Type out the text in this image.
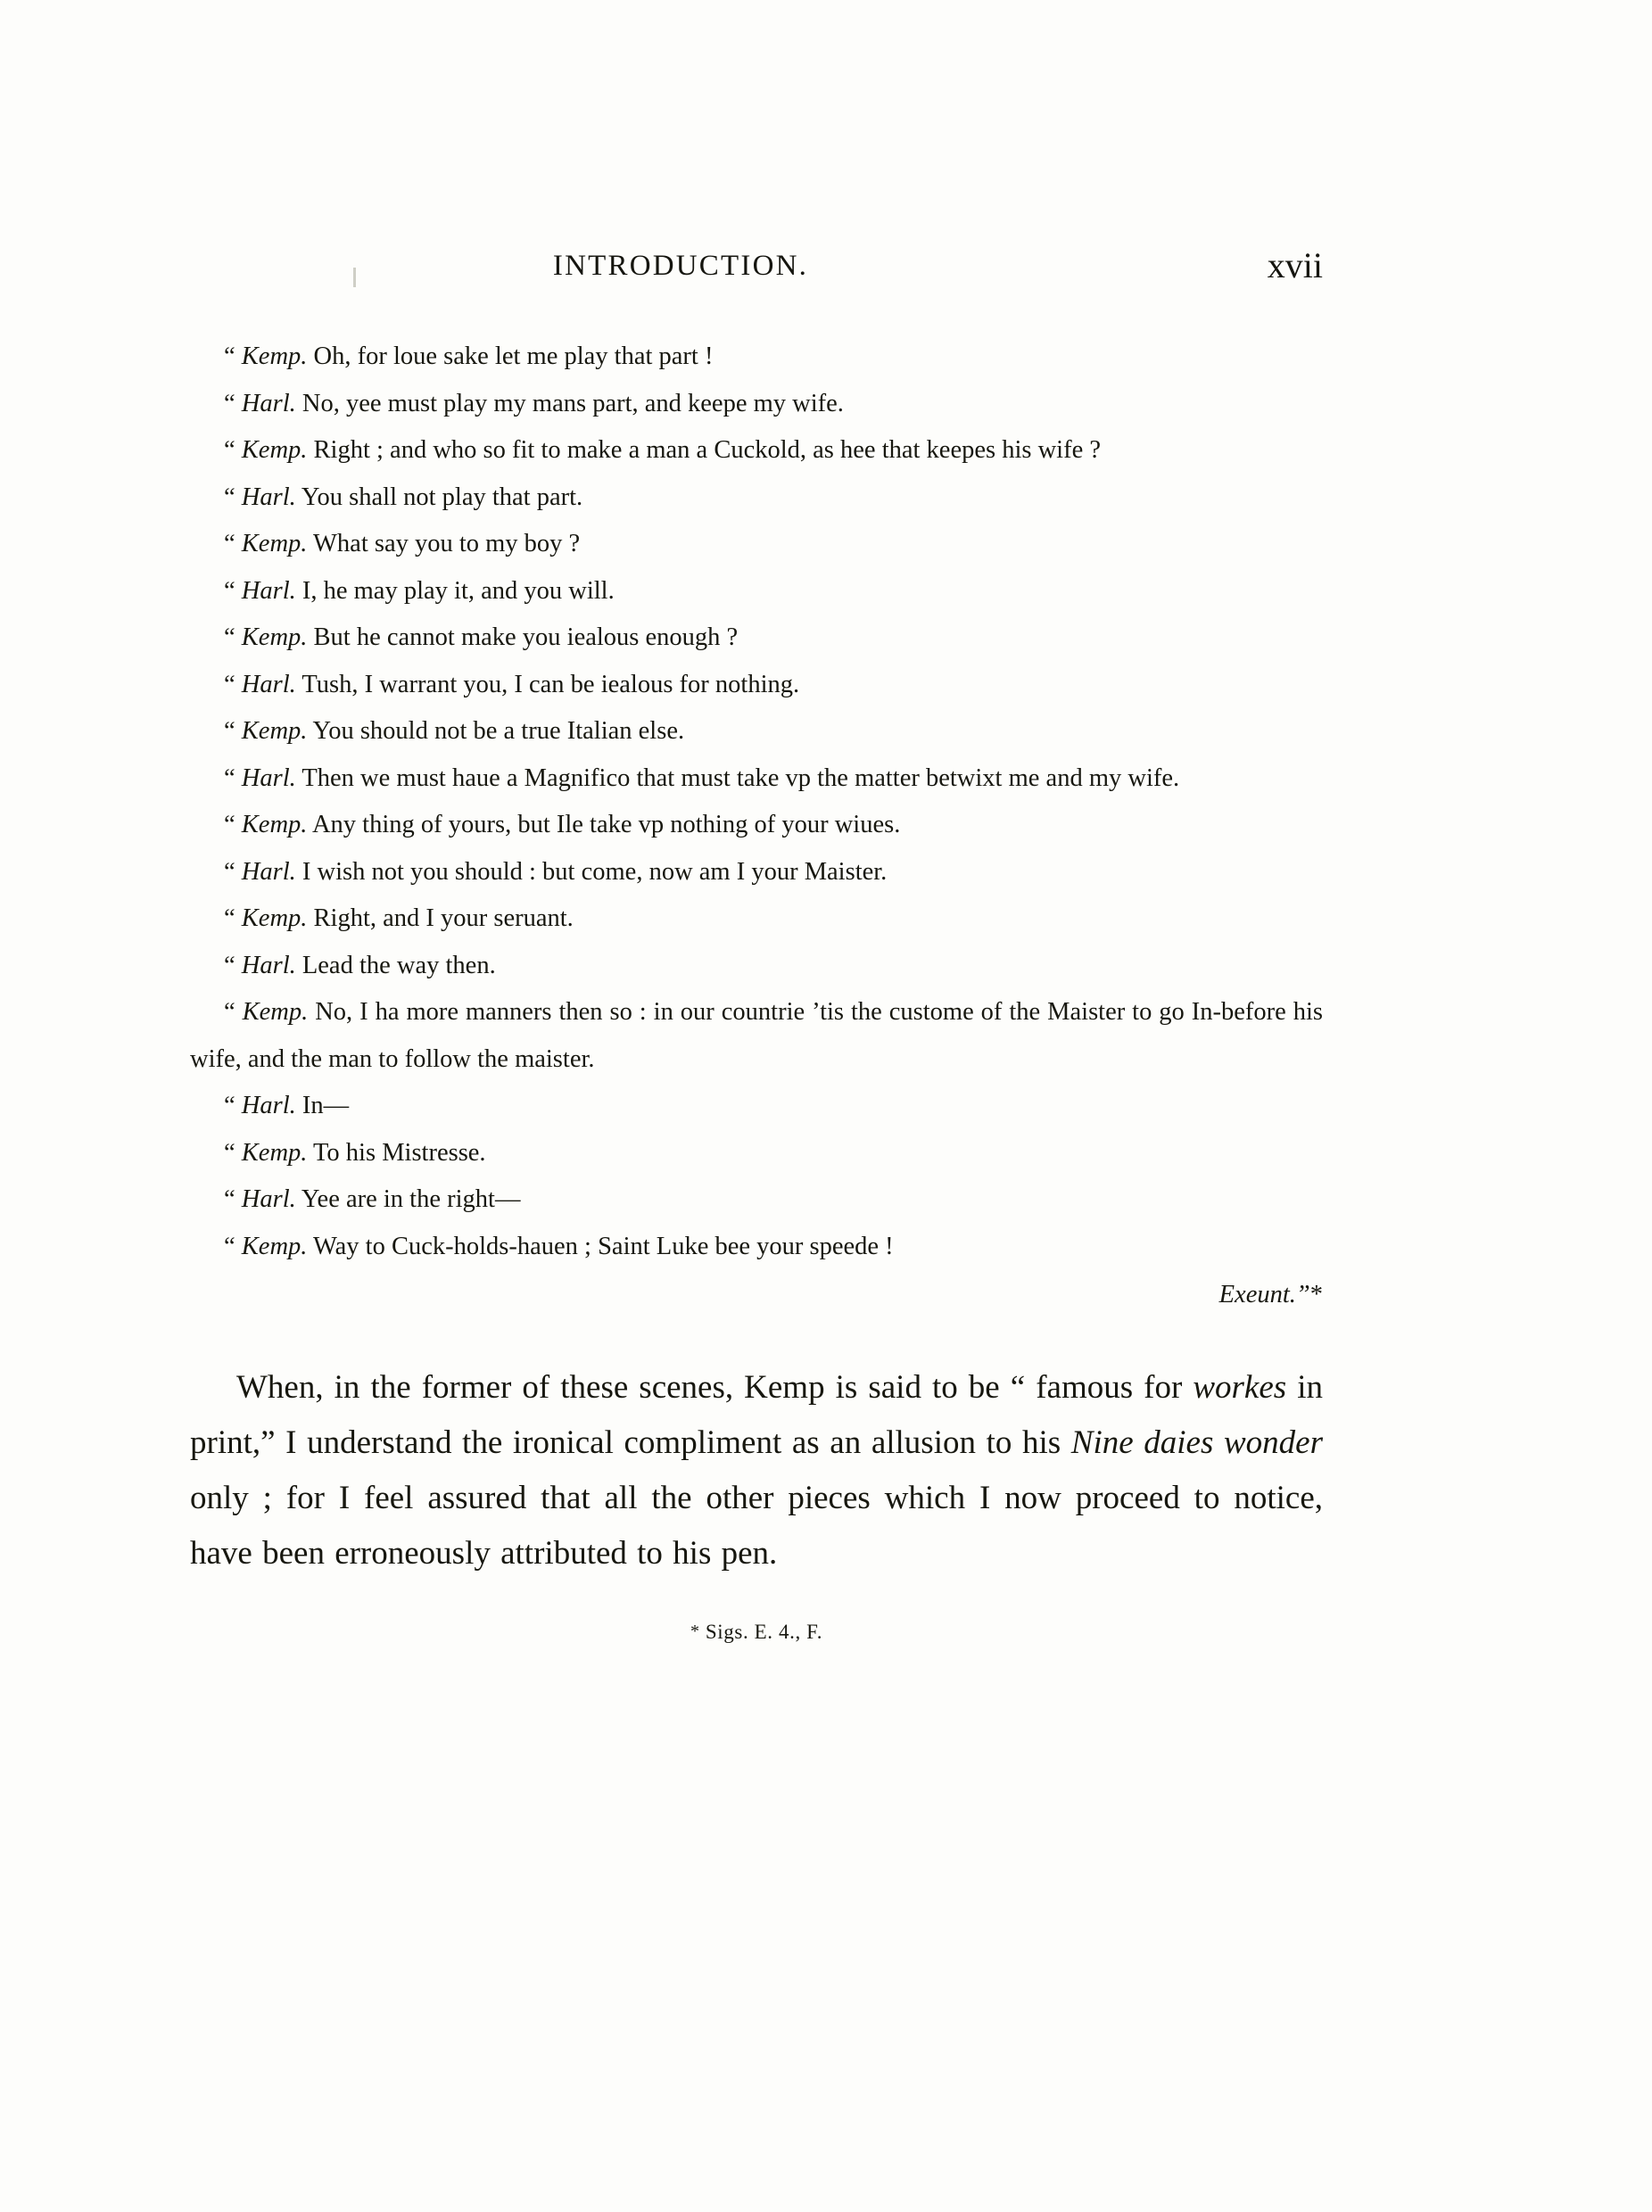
INTRODUCTION.	xvii

“ Kemp. Oh, for loue sake let me play that part !

“ Harl. No, yee must play my mans part, and keepe my wife.

“ Kemp. Right ; and who so fit to make a man a Cuckold, as hee that keepes his wife ?

“ Harl. You shall not play that part.

“ Kemp. What say you to my boy ?

“ Harl. I, he may play it, and you will.

“ Kemp. But he cannot make you iealous enough ?

“ Harl. Tush, I warrant you, I can be iealous for nothing.

“ Kemp. You should not be a true Italian else.

“ Harl. Then we must haue a Magnifico that must take vp the matter betwixt me and my wife.

“ Kemp. Any thing of yours, but Ile take vp nothing of your wiues.

“ Harl. I wish not you should : but come, now am I your Maister.

“ Kemp. Right, and I your seruant.

“ Harl. Lead the way then.

“ Kemp. No, I ha more manners then so : in our countrie ’tis the custome of the Maister to go In-before his wife, and the man to follow the maister.

“ Harl. In—

“ Kemp. To his Mistresse.

“ Harl. Yee are in the right—

“ Kemp. Way to Cuck-holds-hauen ; Saint Luke bee your speede !

Exeunt.”*

When, in the former of these scenes, Kemp is said to be “ famous for workes in print,” I understand the ironical compliment as an allusion to his Nine daies wonder only ; for I feel assured that all the other pieces which I now proceed to notice, have been erroneously attributed to his pen.

* Sigs. E. 4., F.
